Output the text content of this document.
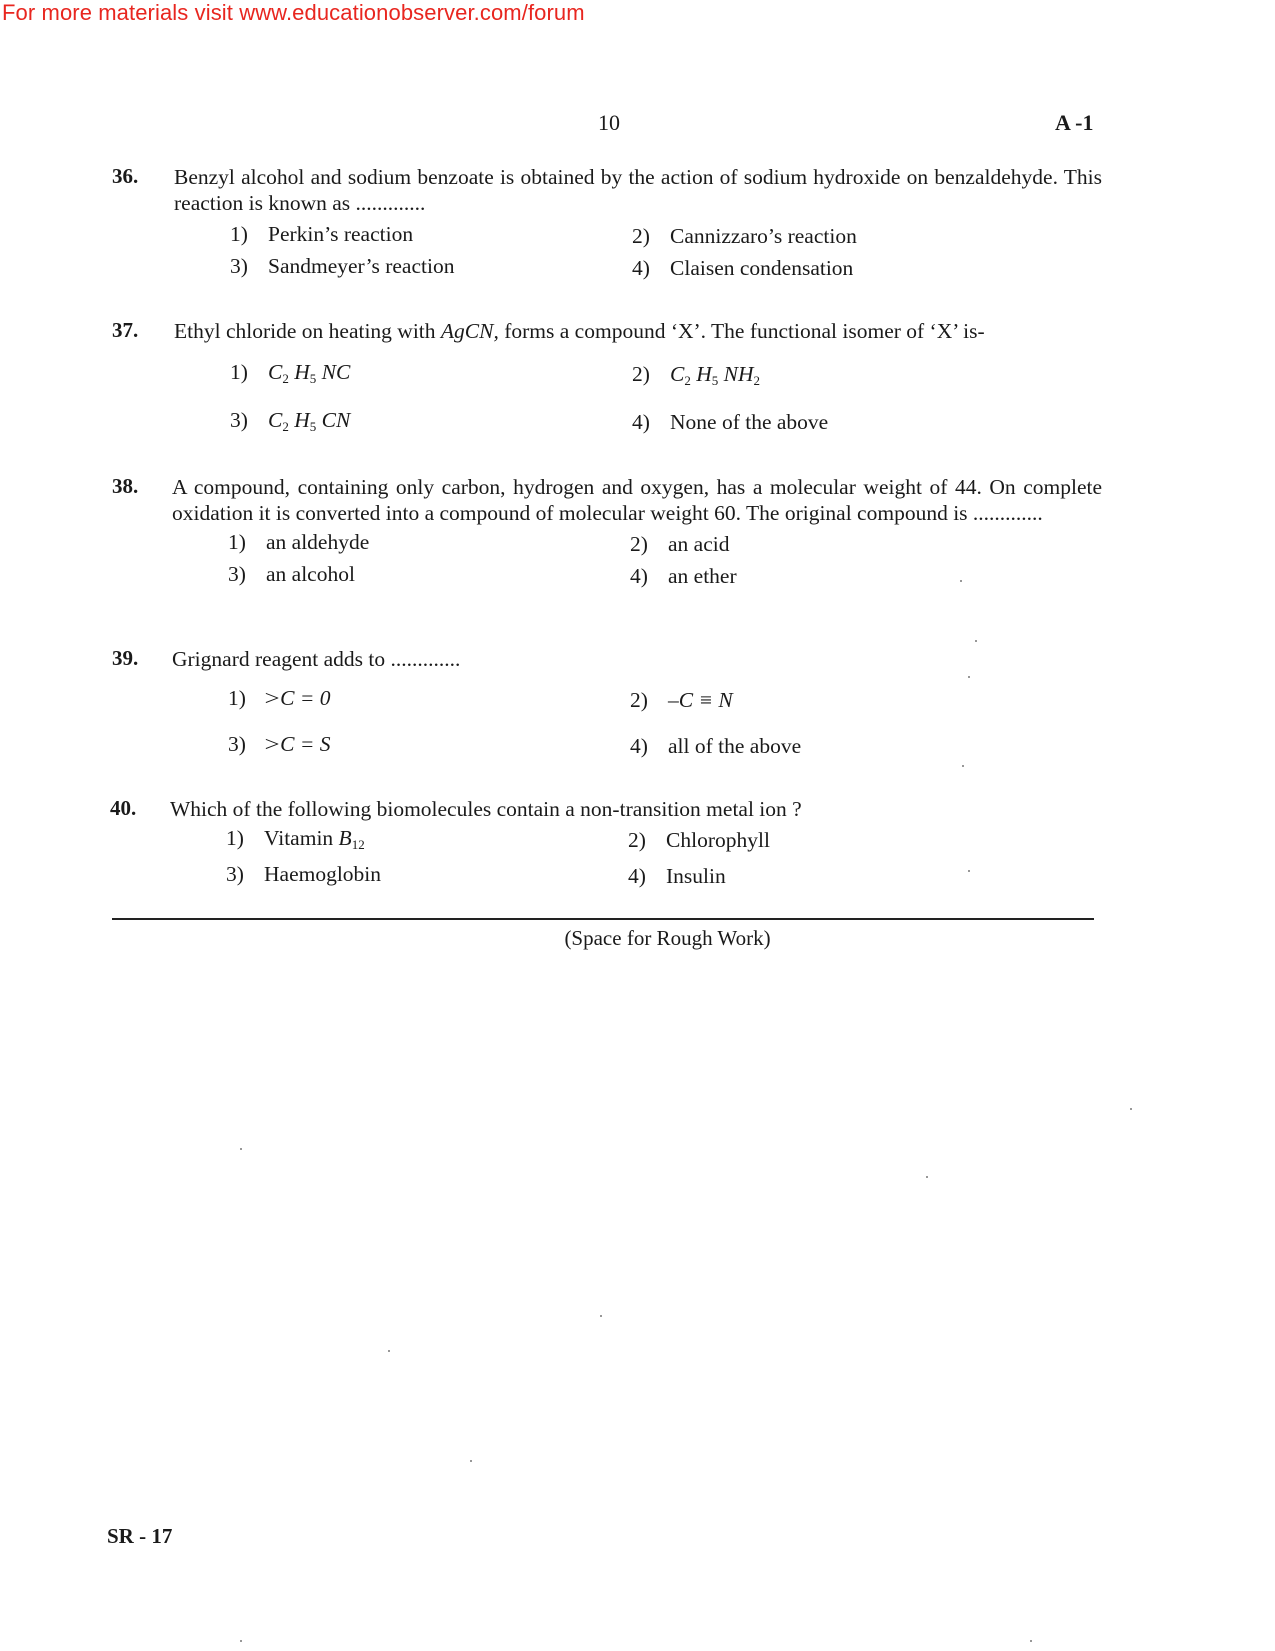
For more materials visit www.educationobserver.com/forum
10	A -1
36. Benzyl alcohol and sodium benzoate is obtained by the action of sodium hydroxide on benzaldehyde. This reaction is known as .............
1) Perkin’s reaction	2) Cannizzaro’s reaction
3) Sandmeyer’s reaction	4) Claisen condensation
37. Ethyl chloride on heating with AgCN, forms a compound ‘X’. The functional isomer of ‘X’ is-
1) $C_2$ $H_5$ NC	2) $C_2$ $H_5$ $NH_2$
3) $C_2$ $H_5$ CN	4) None of the above
38. A compound, containing only carbon, hydrogen and oxygen, has a molecular weight of 44. On complete oxidation it is converted into a compound of molecular weight 60. The original compound is .............
1) an aldehyde	2) an acid
3) an alcohol	4) an ether
39. Grignard reagent adds to .............
1) >C = 0	2) –C ≡ N
3) >C = S	4) all of the above
40. Which of the following biomolecules contain a non-transition metal ion ?
1) Vitamin $B_{12}$	2) Chlorophyll
3) Haemoglobin	4) Insulin
(Space for Rough Work)
SR - 17
